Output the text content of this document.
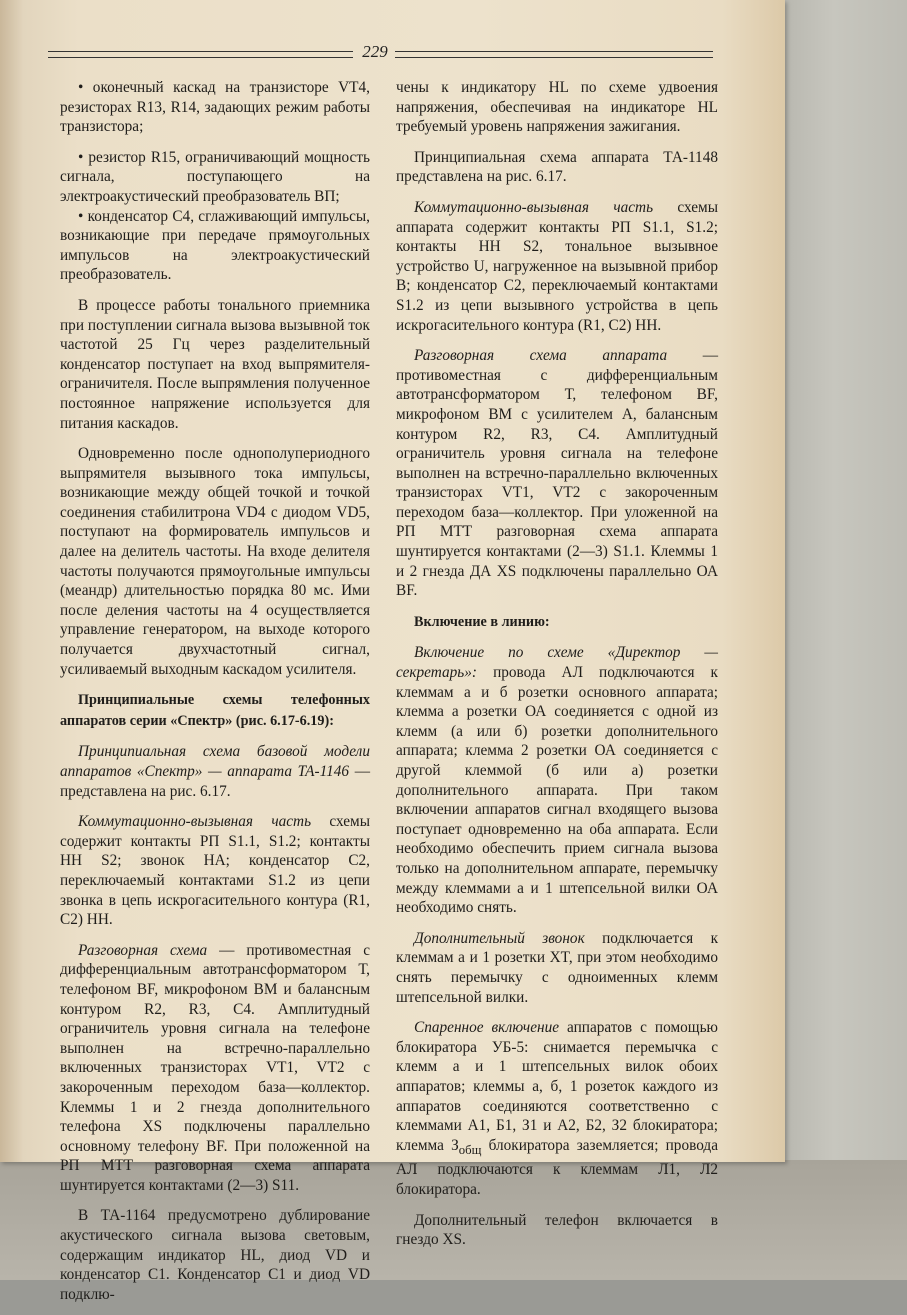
229

• оконечный каскад на транзисторе VT4, резисторах R13, R14, задающих режим работы транзистора;

• резистор R15, ограничивающий мощность сигнала, поступающего на электроакустический преобразователь ВП;

• конденсатор С4, сглаживающий импульсы, возникающие при передаче прямоугольных импульсов на электроакустический преобразователь.

В процессе работы тонального приемника при поступлении сигнала вызова вызывной ток частотой 25 Гц через разделительный конденсатор поступает на вход выпрямителя-ограничителя. После выпрямления полученное постоянное напряжение используется для питания каскадов.

Одновременно после однополупериодного выпрямителя вызывного тока импульсы, возникающие между общей точкой и точкой соединения стабилитрона VD4 с диодом VD5, поступают на формирователь импульсов и далее на делитель частоты. На входе делителя частоты получаются прямоугольные импульсы (меандр) длительностью порядка 80 мс. Ими после деления частоты на 4 осуществляется управление генератором, на выходе которого получается двухчастотный сигнал, усиливаемый выходным каскадом усилителя.

Принципиальные схемы телефонных аппаратов серии «Спектр» (рис. 6.17-6.19):

Принципиальная схема базовой модели аппаратов «Спектр» — аппарата ТА-1146 — представлена на рис. 6.17.

Коммутационно-вызывная часть схемы содержит контакты РП S1.1, S1.2; контакты НН S2; звонок НА; конденсатор С2, переключаемый контактами S1.2 из цепи звонка в цепь искрогасительного контура (R1, C2) НН.

Разговорная схема — противоместная с дифференциальным автотрансформатором Т, телефоном BF, микрофоном ВМ и балансным контуром R2, R3, С4. Амплитудный ограничитель уровня сигнала на телефоне выполнен на встречно-параллельно включенных транзисторах VT1, VT2 с закороченным переходом база—коллектор. Клеммы 1 и 2 гнезда дополнительного телефона XS подключены параллельно основному телефону BF. При положенной на РП МТТ разговорная схема аппарата шунтируется контактами (2—3) S11.

В ТА-1164 предусмотрено дублирование акустического сигнала вызова световым, содержащим индикатор HL, диод VD и конденсатор С1. Конденсатор С1 и диод VD подклю-

чены к индикатору HL по схеме удвоения напряжения, обеспечивая на индикаторе HL требуемый уровень напряжения зажигания.

Принципиальная схема аппарата ТА-1148 представлена на рис. 6.17.

Коммутационно-вызывная часть схемы аппарата содержит контакты РП S1.1, S1.2; контакты НН S2, тональное вызывное устройство U, нагруженное на вызывной прибор В; конденсатор С2, переключаемый контактами S1.2 из цепи вызывного устройства в цепь искрогасительного контура (R1, C2) НН.

Разговорная схема аппарата — противоместная с дифференциальным автотрансформатором Т, телефоном BF, микрофоном ВМ с усилителем А, балансным контуром R2, R3, С4. Амплитудный ограничитель уровня сигнала на телефоне выполнен на встречно-параллельно включенных транзисторах VT1, VT2 с закороченным переходом база—коллектор. При уложенной на РП МТТ разговорная схема аппарата шунтируется контактами (2—3) S1.1. Клеммы 1 и 2 гнезда ДА XS подключены параллельно ОА BF.

Включение в линию:

Включение по схеме «Директор — секретарь»: провода АЛ подключаются к клеммам а и б розетки основного аппарата; клемма а розетки ОА соединяется с одной из клемм (а или б) розетки дополнительного аппарата; клемма 2 розетки ОА соединяется с другой клеммой (б или а) розетки дополнительного аппарата. При таком включении аппаратов сигнал входящего вызова поступает одновременно на оба аппарата. Если необходимо обеспечить прием сигнала вызова только на дополнительном аппарате, перемычку между клеммами а и 1 штепсельной вилки ОА необходимо снять.

Дополнительный звонок подключается к клеммам а и 1 розетки XT, при этом необходимо снять перемычку с одноименных клемм штепсельной вилки.

Спаренное включение аппаратов с помощью блокиратора УБ-5: снимается перемычка с клемм а и 1 штепсельных вилок обоих аппаратов; клеммы а, б, 1 розеток каждого из аппаратов соединяются соответственно с клеммами А1, Б1, З1 и А2, Б2, З2 блокиратора; клемма $З_{общ}$ блокиратора заземляется; провода АЛ подключаются к клеммам Л1, Л2 блокиратора.

Дополнительный телефон включается в гнездо XS.
